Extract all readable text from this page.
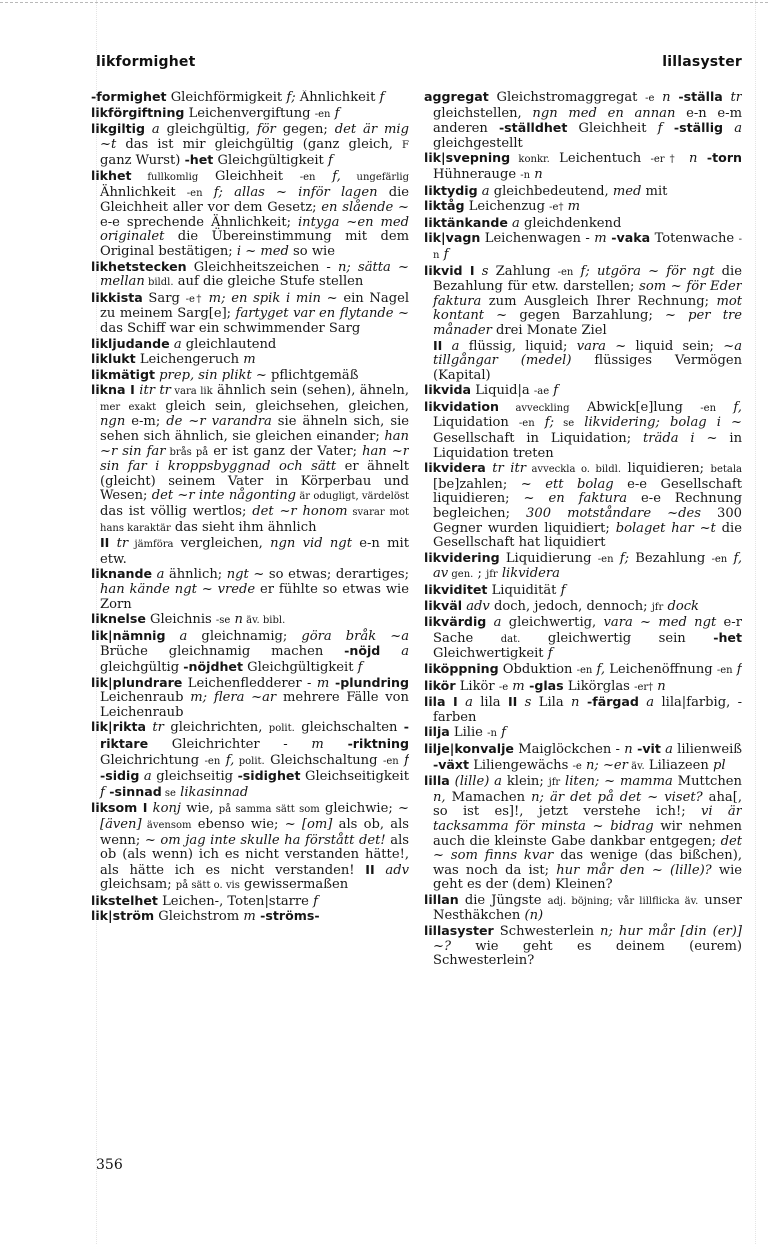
likformighet	lillasyster

-formighet Gleichförmigkeit f; Ähnlichkeit f

likförgiftning Leichenvergiftung -en f

likgiltig a gleichgültig, för gegen; det är mig ~t das ist mir gleichgültig (ganz gleich, F ganz Wurst) -het Gleichgültigkeit f

likhet fullkomlig Gleichheit -en f, ungefärlig Ähnlichkeit -en f; allas ~ inför lagen die Gleichheit aller vor dem Gesetz; en slående ~ e-e sprechende Ähnlichkeit; intyga ~en med originalet die Übereinstimmung mit dem Original bestätigen; i ~ med so wie

likhetstecken Gleichheitszeichen - n; sätta ~ mellan bildl. auf die gleiche Stufe stellen

likkista Sarg -e† m; en spik i min ~ ein Nagel zu meinem Sarg[e]; fartyget var en flytande ~ das Schiff war ein schwimmender Sarg

likljudande a gleichlautend

liklukt Leichengeruch m

likmätigt prep, sin plikt ~ pflichtgemäß

likna I itr tr vara lik ähnlich sein (sehen), ähneln, mer exakt gleich sein, gleichsehen, gleichen, ngn e-m; de ~r varandra sie ähneln sich, sie sehen sich ähnlich, sie gleichen einander; han ~r sin far brås på er ist ganz der Vater; han ~r sin far i kroppsbyggnad och sätt er ähnelt (gleicht) seinem Vater in Körperbau und Wesen; det ~r inte någonting är odugligt, värdelöst das ist völlig wertlos; det ~r honom svarar mot hans karaktär das sieht ihm ähnlich

II tr jämföra vergleichen, ngn vid ngt e-n mit etw.

liknande a ähnlich; ngt ~ so etwas; derartiges; han kände ngt ~ vrede er fühlte so etwas wie Zorn

liknelse Gleichnis -se n äv. bibl.

lik|nämnig a gleichnamig; göra bråk ~a Brüche gleichnamig machen -nöjd a gleichgültig -nöjdhet Gleichgültigkeit f

lik|plundrare Leichenfledderer - m -plundring Leichenraub m; flera ~ar mehrere Fälle von Leichenraub

lik|rikta tr gleichrichten, polit. gleichschalten -riktare Gleichrichter - m -riktning Gleichrichtung -en f, polit. Gleichschaltung -en f -sidig a gleichseitig -sidighet Gleichseitigkeit f -sinnad se likasinnad

liksom I konj wie, på samma sätt som gleichwie; ~ [även] ävensom ebenso wie; ~ [om] als ob, als wenn; ~ om jag inte skulle ha förstått det! als ob (als wenn) ich es nicht verstanden hätte!, als hätte ich es nicht verstanden! II adv gleichsam; på sätt o. vis gewissermaßen

likstelhet Leichen-, Toten|starre f

lik|ström Gleichstrom m -ströms-

aggregat Gleichstromaggregat -e n -ställa tr gleichstellen, ngn med en annan e-n e-m anderen -ställdhet Gleichheit f -ställig a gleichgestellt

lik|svepning konkr. Leichentuch -er† n -torn Hühnerauge -n n

liktydig a gleichbedeutend, med mit

liktåg Leichenzug -e† m

liktänkande a gleichdenkend

lik|vagn Leichenwagen - m -vaka Totenwache -n f

likvid I s Zahlung -en f; utgöra ~ för ngt die Bezahlung für etw. darstellen; som ~ för Eder faktura zum Ausgleich Ihrer Rechnung; mot kontant ~ gegen Barzahlung; ~ per tre månader drei Monate Ziel

II a flüssig, liquid; vara ~ liquid sein; ~a tillgångar (medel) flüssiges Vermögen (Kapital)

likvida Liquid|a -ae f

likvidation avveckling Abwick[e]lung -en f, Liquidation -en f; se likvidering; bolag i ~ Gesellschaft in Liquidation; träda i ~ in Liquidation treten

likvidera tr itr avveckla o. bildl. liquidieren; betala [be]zahlen; ~ ett bolag e-e Gesellschaft liquidieren; ~ en faktura e-e Rechnung begleichen; 300 motståndare ~des 300 Gegner wurden liquidiert; bolaget har ~t die Gesellschaft hat liquidiert

likvidering Liquidierung -en f; Bezahlung -en f, av gen. ; jfr likvidera

likviditet Liquidität f

likväl adv doch, jedoch, dennoch; jfr dock

likvärdig a gleichwertig, vara ~ med ngt e-r Sache dat. gleichwertig sein -het Gleichwertigkeit f

liköppning Obduktion -en f, Leichenöffnung -en f

likör Likör -e m -glas Likörglas -er† n

lila I a lila II s Lila n -färgad a lila|farbig, -farben

lilja Lilie -n f

lilje|konvalje Maiglöckchen - n -vit a lilienweiß -växt Liliengewächs -e n; ~er äv. Liliazeen pl

lilla (lille) a klein; jfr liten; ~ mamma Muttchen n, Mamachen n; är det på det ~ viset? aha[, so ist es]!, jetzt verstehe ich!; vi är tacksamma för minsta ~ bidrag wir nehmen auch die kleinste Gabe dankbar entgegen; det ~ som finns kvar das wenige (das bißchen), was noch da ist; hur mår den ~ (lille)? wie geht es der (dem) Kleinen?

lillan die Jüngste adj. böjning; vår lillflicka äv. unser Nesthäkchen (n)

lillasyster Schwesterlein n; hur mår [din (er)] ~? wie geht es deinem (eurem) Schwesterlein?

356
